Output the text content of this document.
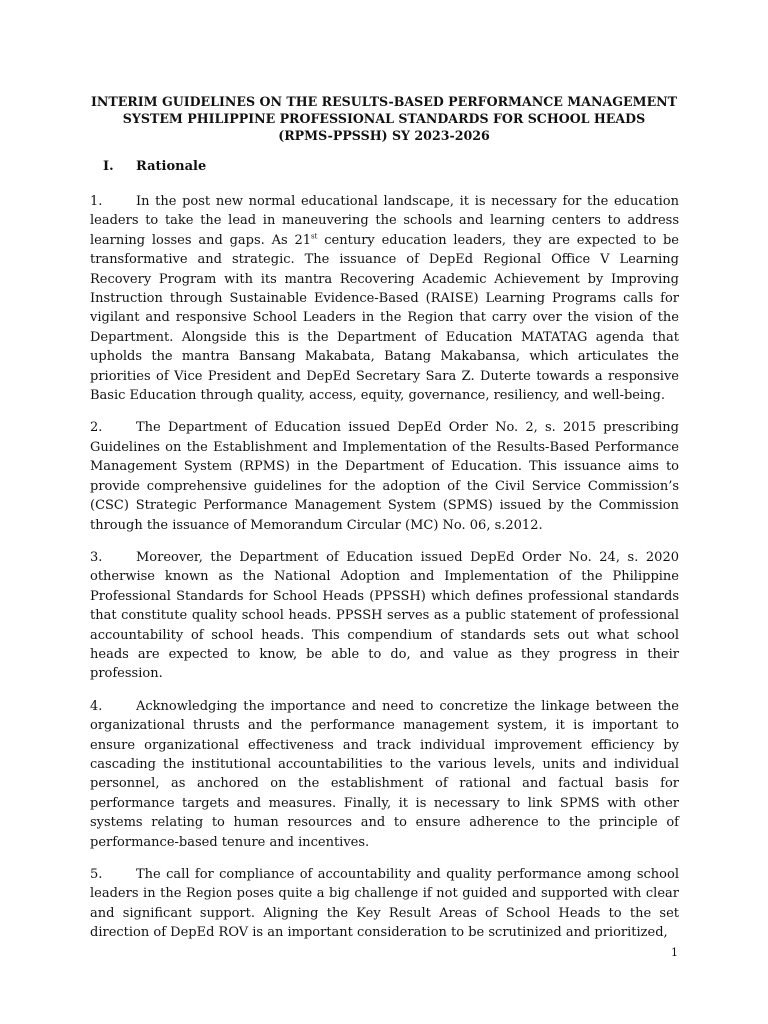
INTERIM GUIDELINES ON THE RESULTS-BASED PERFORMANCE MANAGEMENT
SYSTEM PHILIPPINE PROFESSIONAL STANDARDS FOR SCHOOL HEADS
(RPMS-PPSSH) SY 2023-2026
I. Rationale

1.	In the post new normal educational landscape, it is necessary for the education leaders to take the lead in maneuvering the schools and learning centers to address learning losses and gaps. As 21st century education leaders, they are expected to be transformative and strategic. The issuance of DepEd Regional Office V Learning Recovery Program with its mantra Recovering Academic Achievement by Improving Instruction through Sustainable Evidence-Based (RAISE) Learning Programs calls for vigilant and responsive School Leaders in the Region that carry over the vision of the Department. Alongside this is the Department of Education MATATAG agenda that upholds the mantra Bansang Makabata, Batang Makabansa, which articulates the priorities of Vice President and DepEd Secretary Sara Z. Duterte towards a responsive Basic Education through quality, access, equity, governance, resiliency, and well-being.

2.	The Department of Education issued DepEd Order No. 2, s. 2015 prescribing Guidelines on the Establishment and Implementation of the Results-Based Performance Management System (RPMS) in the Department of Education. This issuance aims to provide comprehensive guidelines for the adoption of the Civil Service Commission’s (CSC) Strategic Performance Management System (SPMS) issued by the Commission through the issuance of Memorandum Circular (MC) No. 06, s.2012.

3.	Moreover, the Department of Education issued DepEd Order No. 24, s. 2020 otherwise known as the National Adoption and Implementation of the Philippine Professional Standards for School Heads (PPSSH) which defines professional standards that constitute quality school heads. PPSSH serves as a public statement of professional accountability of school heads. This compendium of standards sets out what school heads are expected to know, be able to do, and value as they progress in their profession.

4.	Acknowledging the importance and need to concretize the linkage between the organizational thrusts and the performance management system, it is important to ensure organizational effectiveness and track individual improvement efficiency by cascading the institutional accountabilities to the various levels, units and individual personnel, as anchored on the establishment of rational and factual basis for performance targets and measures. Finally, it is necessary to link SPMS with other systems relating to human resources and to ensure adherence to the principle of performance-based tenure and incentives.

5.	The call for compliance of accountability and quality performance among school leaders in the Region poses quite a big challenge if not guided and supported with clear and significant support. Aligning the Key Result Areas of School Heads to the set direction of DepEd ROV is an important consideration to be scrutinized and prioritized,

1
